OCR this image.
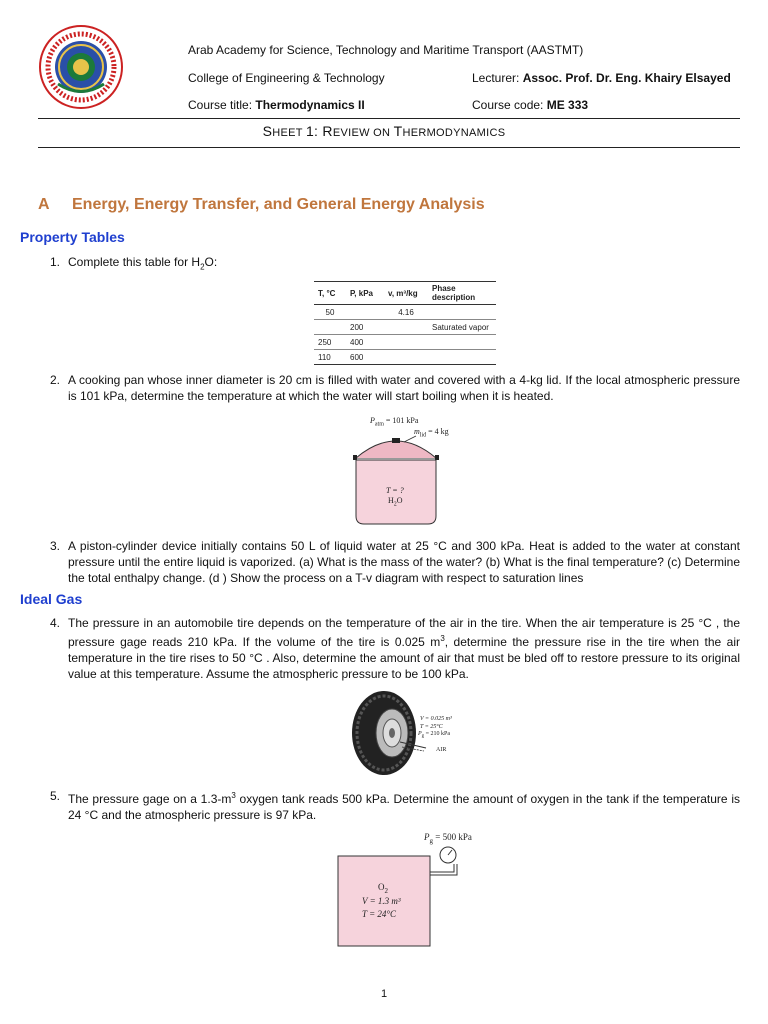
Arab Academy for Science, Technology and Maritime Transport (AASTMT)
College of Engineering & Technology	Lecturer: Assoc. Prof. Dr. Eng. Khairy Elsayed
Course title: Thermodynamics II	Course code: ME 333
SHEET 1: REVIEW ON THERMODYNAMICS
A Energy, Energy Transfer, and General Energy Analysis
Property Tables
1. Complete this table for $H_2O$:
T, °C	P, kPa	v, m³/kg	Phase description
50		4.16	
	200		Saturated vapor
250	400		
110	600		
2. A cooking pan whose inner diameter is 20 cm is filled with water and covered with a 4-kg lid. If the local atmospheric pressure is 101 kPa, determine the temperature at which the water will start boiling when it is heated.
$P_{atm} = 101$ kPa
$m_{lid} = 4$ kg
T = ?
$H_2O$
3. A piston-cylinder device initially contains 50 L of liquid water at 25 °C and 300 kPa. Heat is added to the water at constant pressure until the entire liquid is vaporized. (a) What is the mass of the water? (b) What is the final temperature? (c) Determine the total enthalpy change. (d ) Show the process on a T-v diagram with respect to saturation lines
Ideal Gas
4. The pressure in an automobile tire depends on the temperature of the air in the tire. When the air temperature is 25 °C , the pressure gage reads 210 kPa. If the volume of the tire is 0.025 $m^3$, determine the pressure rise in the tire when the air temperature in the tire rises to 50 °C . Also, determine the amount of air that must be bled off to restore pressure to its original value at this temperature. Assume the atmospheric pressure to be 100 kPa.
V = 0.025 m³
T = 25°C
$P_g = 210$ kPa
AIR
5. The pressure gage on a $1.3-m^3$ oxygen tank reads 500 kPa. Determine the amount of oxygen in the tank if the temperature is 24 °C and the atmospheric pressure is 97 kPa.
$P_g = 500$ kPa
$O_2$
V = 1.3 m³
T = 24°C
1
